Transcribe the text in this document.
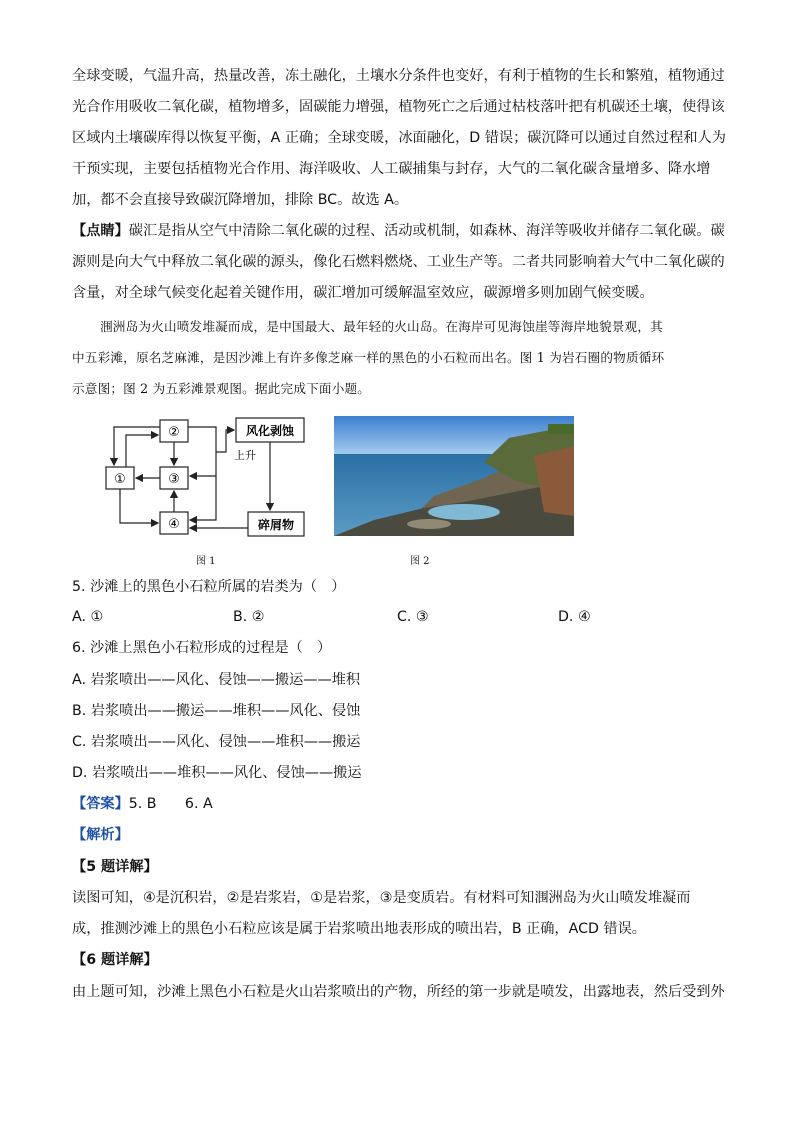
全球变暖，气温升高，热量改善，冻土融化，土壤水分条件也变好，有利于植物的生长和繁殖，植物通过

光合作用吸收二氧化碳，植物增多，固碳能力增强，植物死亡之后通过枯枝落叶把有机碳还土壤，使得该

区域内土壤碳库得以恢复平衡，A 正确；全球变暖，冰面融化，D 错误；碳沉降可以通过自然过程和人为

干预实现，主要包括植物光合作用、海洋吸收、人工碳捕集与封存，大气的二氧化碳含量增多、降水增

加，都不会直接导致碳沉降增加，排除 BC。故选 A。

【点睛】碳汇是指从空气中清除二氧化碳的过程、活动或机制，如森林、海洋等吸收并储存二氧化碳。碳

源则是向大气中释放二氧化碳的源头，像化石燃料燃烧、工业生产等。二者共同影响着大气中二氧化碳的

含量，对全球气候变化起着关键作用，碳汇增加可缓解温室效应，碳源增多则加剧气候变暖。

涠洲岛为火山喷发堆凝而成，是中国最大、最年轻的火山岛。在海岸可见海蚀崖等海岸地貌景观，其

中五彩滩，原名芝麻滩，是因沙滩上有许多像芝麻一样的黑色的小石粒而出名。图 1 为岩石圈的物质循环

示意图；图 2 为五彩滩景观图。据此完成下面小题。

①
②
③
④
风化剥蚀
碎屑物
上升
图 1	图 2

5. 沙滩上的黑色小石粒所属的岩类为（　）

A. ①	B. ②	C. ③	D. ④

6. 沙滩上黑色小石粒形成的过程是（　）

A. 岩浆喷出——风化、侵蚀——搬运——堆积

B. 岩浆喷出——搬运——堆积——风化、侵蚀

C. 岩浆喷出——风化、侵蚀——堆积——搬运

D. 岩浆喷出——堆积——风化、侵蚀——搬运

【答案】5. B　　6. A

【解析】

【5 题详解】

读图可知，④是沉积岩，②是岩浆岩，①是岩浆，③是变质岩。有材料可知涠洲岛为火山喷发堆凝而

成，推测沙滩上的黑色小石粒应该是属于岩浆喷出地表形成的喷出岩，B 正确，ACD 错误。

【6 题详解】

由上题可知，沙滩上黑色小石粒是火山岩浆喷出的产物，所经的第一步就是喷发，出露地表，然后受到外
